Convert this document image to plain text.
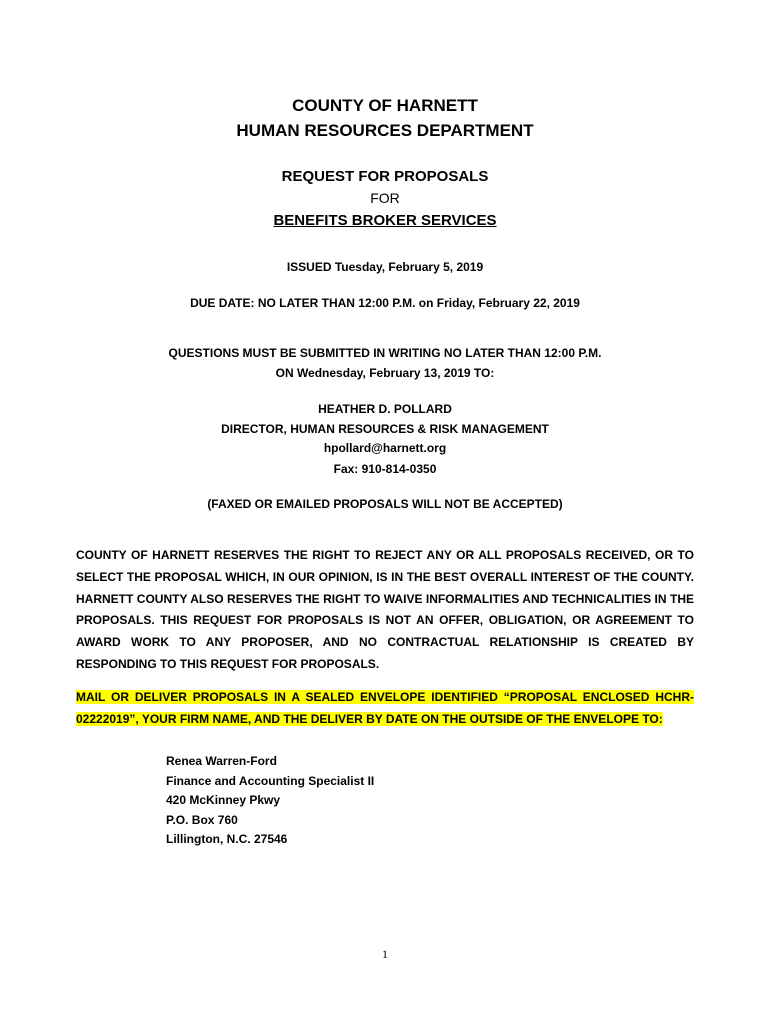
COUNTY OF HARNETT
HUMAN RESOURCES DEPARTMENT
REQUEST FOR PROPOSALS
FOR
BENEFITS BROKER SERVICES
ISSUED Tuesday, February 5, 2019
DUE DATE: NO LATER THAN 12:00 P.M. on Friday, February 22, 2019
QUESTIONS MUST BE SUBMITTED IN WRITING NO LATER THAN 12:00 P.M.
ON Wednesday, February 13, 2019 TO:
HEATHER D. POLLARD
DIRECTOR, HUMAN RESOURCES & RISK MANAGEMENT
hpollard@harnett.org
Fax: 910-814-0350
(FAXED OR EMAILED PROPOSALS WILL NOT BE ACCEPTED)
COUNTY OF HARNETT RESERVES THE RIGHT TO REJECT ANY OR ALL PROPOSALS RECEIVED, OR TO SELECT THE PROPOSAL WHICH, IN OUR OPINION, IS IN THE BEST OVERALL INTEREST OF THE COUNTY. HARNETT COUNTY ALSO RESERVES THE RIGHT TO WAIVE INFORMALITIES AND TECHNICALITIES IN THE PROPOSALS. THIS REQUEST FOR PROPOSALS IS NOT AN OFFER, OBLIGATION, OR AGREEMENT TO AWARD WORK TO ANY PROPOSER, AND NO CONTRACTUAL RELATIONSHIP IS CREATED BY RESPONDING TO THIS REQUEST FOR PROPOSALS.
MAIL OR DELIVER PROPOSALS IN A SEALED ENVELOPE IDENTIFIED “PROPOSAL ENCLOSED HCHR-02222019”, YOUR FIRM NAME, AND THE DELIVER BY DATE ON THE OUTSIDE OF THE ENVELOPE TO:
Renea Warren-Ford
Finance and Accounting Specialist II
420 McKinney Pkwy
P.O. Box 760
Lillington, N.C. 27546
1
